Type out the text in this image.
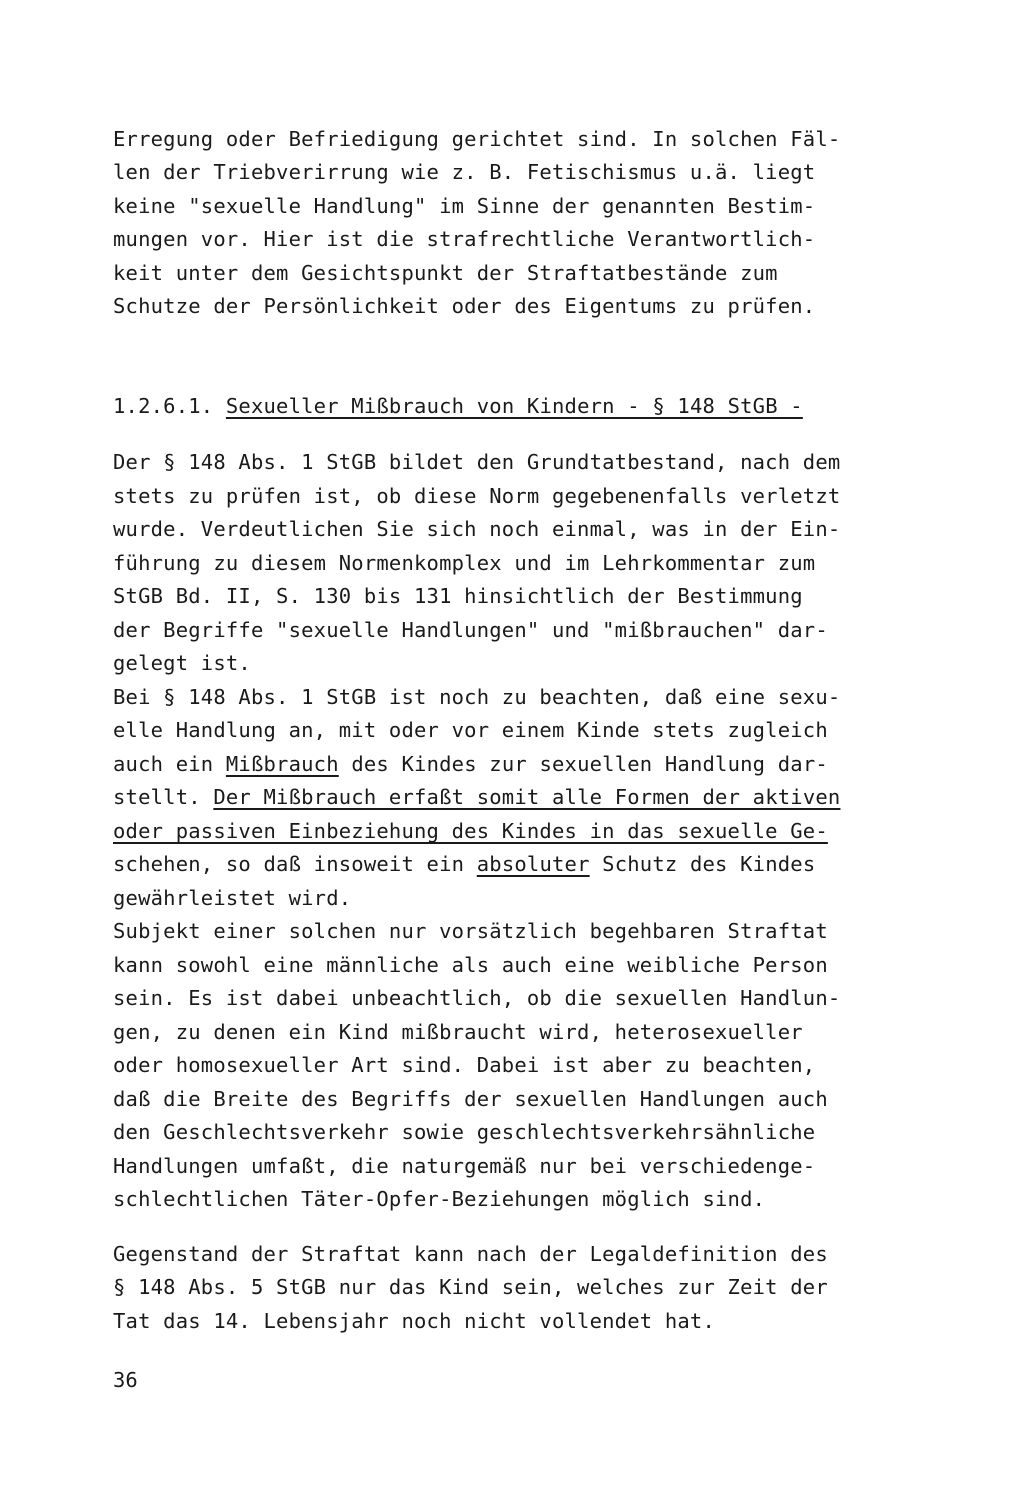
Erregung oder Befriedigung gerichtet sind. In solchen Fäl-
len der Triebverirrung wie z. B. Fetischismus u.ä. liegt
keine "sexuelle Handlung" im Sinne der genannten Bestim-
mungen vor. Hier ist die strafrechtliche Verantwortlich-
keit unter dem Gesichtspunkt der Straftatbestände zum
Schutze der Persönlichkeit oder des Eigentums zu prüfen.
1.2.6.1. Sexueller Mißbrauch von Kindern - § 148 StGB -
Der § 148 Abs. 1 StGB bildet den Grundtatbestand, nach dem
stets zu prüfen ist, ob diese Norm gegebenenfalls verletzt
wurde. Verdeutlichen Sie sich noch einmal, was in der Ein-
führung zu diesem Normenkomplex und im Lehrkommentar zum
StGB Bd. II, S. 130 bis 131 hinsichtlich der Bestimmung
der Begriffe "sexuelle Handlungen" und "mißbrauchen" dar-
gelegt ist.
Bei § 148 Abs. 1 StGB ist noch zu beachten, daß eine sexu-
elle Handlung an, mit oder vor einem Kinde stets zugleich
auch ein Mißbrauch des Kindes zur sexuellen Handlung dar-
stellt. Der Mißbrauch erfaßt somit alle Formen der aktiven
oder passiven Einbeziehung des Kindes in das sexuelle Ge-
schehen, so daß insoweit ein absoluter Schutz des Kindes
gewährleistet wird.
Subjekt einer solchen nur vorsätzlich begehbaren Straftat
kann sowohl eine männliche als auch eine weibliche Person
sein. Es ist dabei unbeachtlich, ob die sexuellen Handlun-
gen, zu denen ein Kind mißbraucht wird, heterosexueller
oder homosexueller Art sind. Dabei ist aber zu beachten,
daß die Breite des Begriffs der sexuellen Handlungen auch
den Geschlechtsverkehr sowie geschlechtsverkehrsähnliche
Handlungen umfaßt, die naturgemäß nur bei verschiedenge-
schlechtlichen Täter-Opfer-Beziehungen möglich sind.
Gegenstand der Straftat kann nach der Legaldefinition des
§ 148 Abs. 5 StGB nur das Kind sein, welches zur Zeit der
Tat das 14. Lebensjahr noch nicht vollendet hat.
36
